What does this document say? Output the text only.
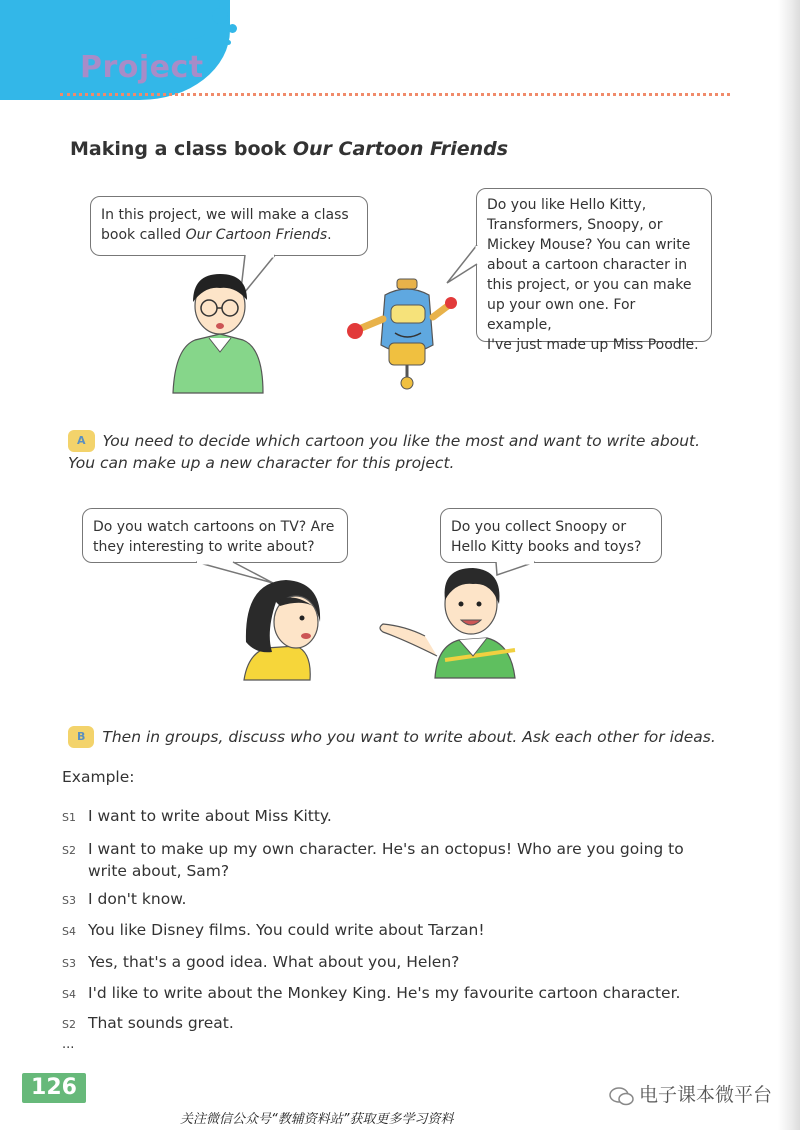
Project
Making a class book Our Cartoon Friends
In this project, we will make a class
book called Our Cartoon Friends.
Do you like Hello Kitty,
Transformers, Snoopy, or
Mickey Mouse? You can write
about a cartoon character in
this project, or you can make
up your own one. For example,
I've just made up Miss Poodle.
A You need to decide which cartoon you like the most and want to write about.
You can make up a new character for this project.
Do you watch cartoons on TV? Are
they interesting to write about?
Do you collect Snoopy or
Hello Kitty books and toys?
B Then in groups, discuss who you want to write about. Ask each other for ideas.
Example:
S1 I want to write about Miss Kitty.
S2 I want to make up my own character. He's an octopus! Who are you going to
write about, Sam?
S3 I don't know.
S4 You like Disney films. You could write about Tarzan!
S3 Yes, that's a good idea. What about you, Helen?
S4 I'd like to write about the Monkey King. He's my favourite cartoon character.
S2 That sounds great.
...
126	电子课本微平台
关注微信公众号“教辅资料站”获取更多学习资料
